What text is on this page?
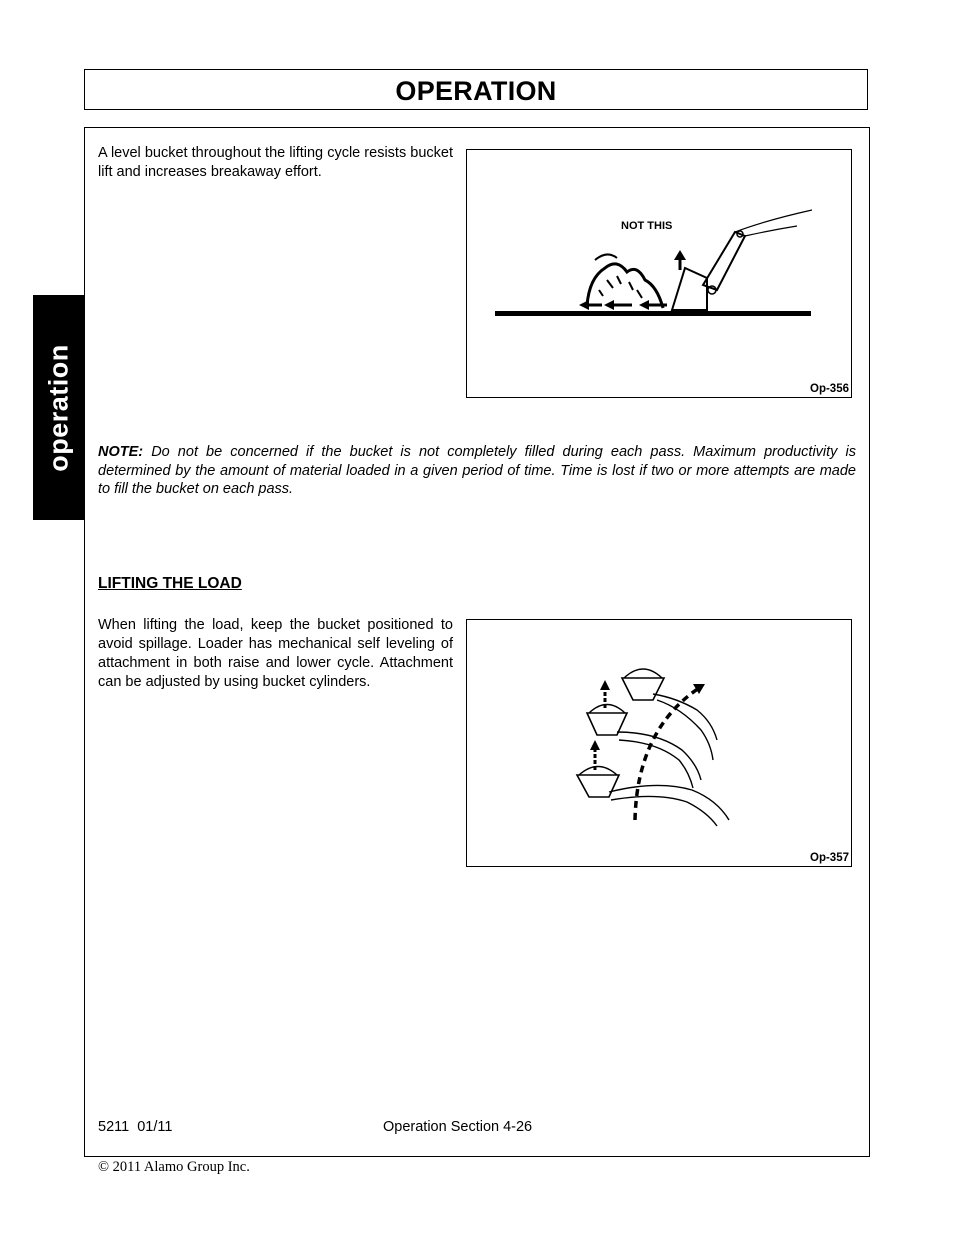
OPERATION
operation
A level bucket throughout the lifting cycle resists bucket lift and increases breakaway effort.
NOT THIS
Op-356
NOTE: Do not be concerned if the bucket is not completely filled during each pass. Maximum productivity is determined by the amount of material loaded in a given period of time. Time is lost if two or more attempts are made to fill the bucket on each pass.
LIFTING THE LOAD
When lifting the load, keep the bucket positioned to avoid spillage. Loader has mechanical self leveling of attachment in both raise and lower cycle. Attachment can be adjusted by using bucket cylinders.
Op-357
5211  01/11	Operation Section 4-26
© 2011 Alamo Group Inc.
